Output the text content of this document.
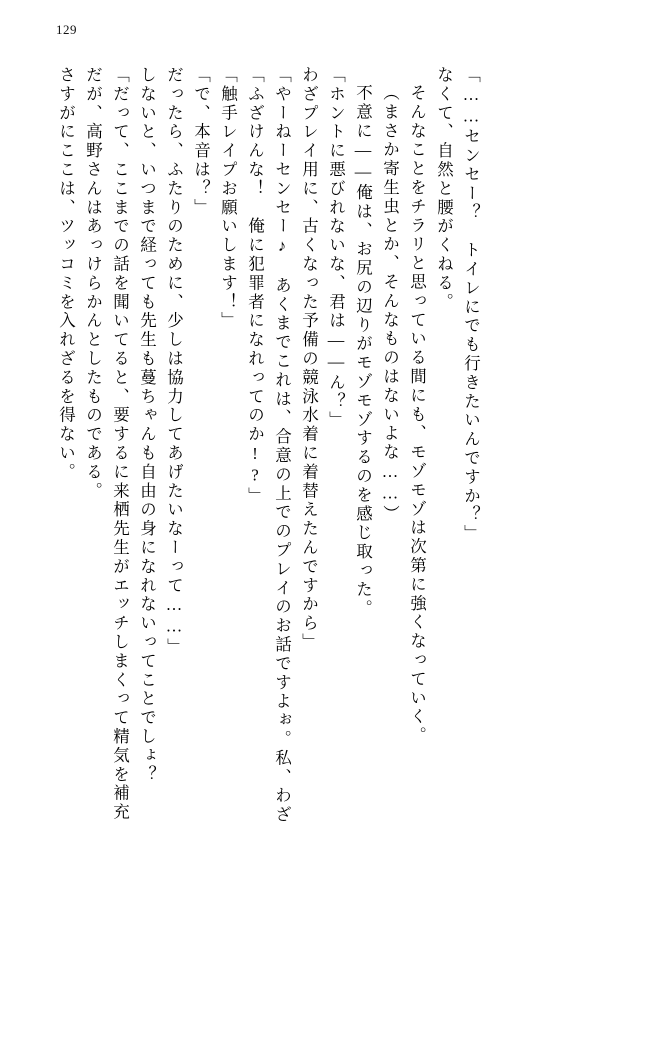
129
さすがにここは、ツッコミを入れざるを得ない。 だが、高野さんはあっけらかんとしたものである。 「だって、ここまでの話を聞いてると、要するに来栖先生がエッチしまくって精気を補充 しないと、いつまで経っても先生も蔓ちゃんも自由の身になれないってことでしょ？ だったら、ふたりのために、少しは協力してあげたいなーって……」 「で、本音は？」 「触手レイプお願いします！」 「ふざけんな！　俺に犯罪者になれってのか!?」 「やーねーセンセー♪　あくまでこれは、合意の上でのプレイのお話ですよぉ。私、わざ わざプレイ用に、古くなった予備の競泳水着に着替えたんですから」 「ホントに悪びれないな、君は――ん？」 不意に――俺は、お尻の辺りがモゾモゾするのを感じ取った。 （まさか寄生虫とか、そんなものはないよな……） そんなことをチラリと思っている間にも、モゾモゾは次第に強くなっていく。 なくて、自然と腰がくねる。 「……センセー？　トイレにでも行きたいんですか？」
